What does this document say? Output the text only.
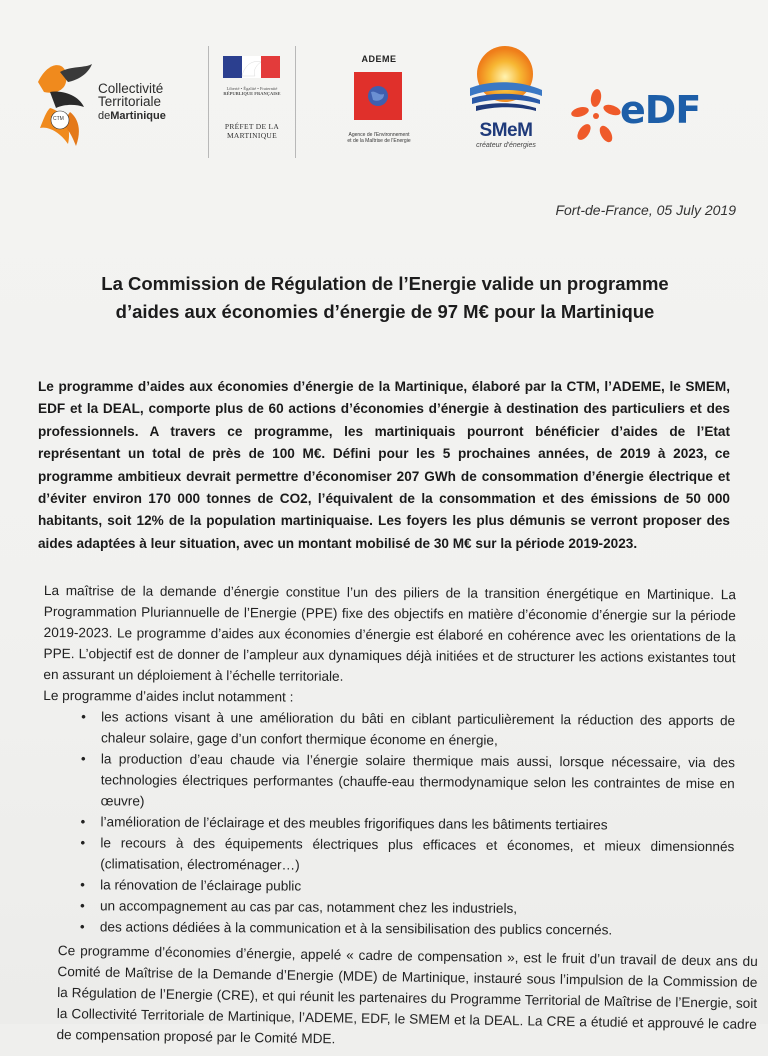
CTM
Collectivité
Territoriale
deMartinique
Liberté • Égalité • Fraternité
RÉPUBLIQUE FRANÇAISE
PRÉFET DE LA
MARTINIQUE
ADEME
Agence de l'Environnement
et de la Maîtrise de l'Energie	SMeM
créateur d'énergies
eDF
Fort-de-France, 05 July 2019
La Commission de Régulation de l’Energie valide un programme
d’aides aux économies d’énergie de 97 M€ pour la Martinique
Le programme d’aides aux économies d’énergie de la Martinique, élaboré par la CTM, l’ADEME, le SMEM, EDF et la DEAL, comporte plus de 60 actions d’économies d’énergie à destination des particuliers et des professionnels. A travers ce programme, les martiniquais pourront bénéficier d’aides de l’Etat représentant un total de près de 100 M€. Défini pour les 5 prochaines années, de 2019 à 2023, ce programme ambitieux devrait permettre d’économiser 207 GWh de consommation d’énergie électrique et d’éviter environ 170 000 tonnes de CO2, l’équivalent de la consommation et des émissions de 50 000 habitants, soit 12% de la population martiniquaise. Les foyers les plus démunis se verront proposer des aides adaptées à leur situation, avec un montant mobilisé de 30 M€ sur la période 2019-2023.

La maîtrise de la demande d’énergie constitue l’un des piliers de la transition énergétique en Martinique. La Programmation Pluriannuelle de l’Energie (PPE) fixe des objectifs en matière d’économie d’énergie sur la période 2019-2023. Le programme d’aides aux économies d’énergie est élaboré en cohérence avec les orientations de la PPE. L’objectif est de donner de l’ampleur aux dynamiques déjà initiées et de structurer les actions existantes tout en assurant un déploiement à l’échelle territoriale.

Le programme d’aides inclut notamment :

• les actions visant à une amélioration du bâti en ciblant particulièrement la réduction des apports de chaleur solaire, gage d’un confort thermique économe en énergie,
• la production d’eau chaude via l’énergie solaire thermique mais aussi, lorsque nécessaire, via des technologies électriques performantes (chauffe-eau thermodynamique selon les contraintes de mise en œuvre)
• l’amélioration de l’éclairage et des meubles frigorifiques dans les bâtiments tertiaires
• le recours à des équipements électriques plus efficaces et économes, et mieux dimensionnés (climatisation, électroménager…)
• la rénovation de l’éclairage public
• un accompagnement au cas par cas, notamment chez les industriels,
• des actions dédiées à la communication et à la sensibilisation des publics concernés.
Ce programme d’économies d’énergie, appelé « cadre de compensation », est le fruit d’un travail de deux ans du Comité de Maîtrise de la Demande d’Energie (MDE) de Martinique, instauré sous l’impulsion de la Commission de la Régulation de l’Energie (CRE), et qui réunit les partenaires du Programme Territorial de Maîtrise de l’Energie, soit la Collectivité Territoriale de Martinique, l’ADEME, EDF, le SMEM et la DEAL. La CRE a étudié et approuvé le cadre de compensation proposé par le Comité MDE.
